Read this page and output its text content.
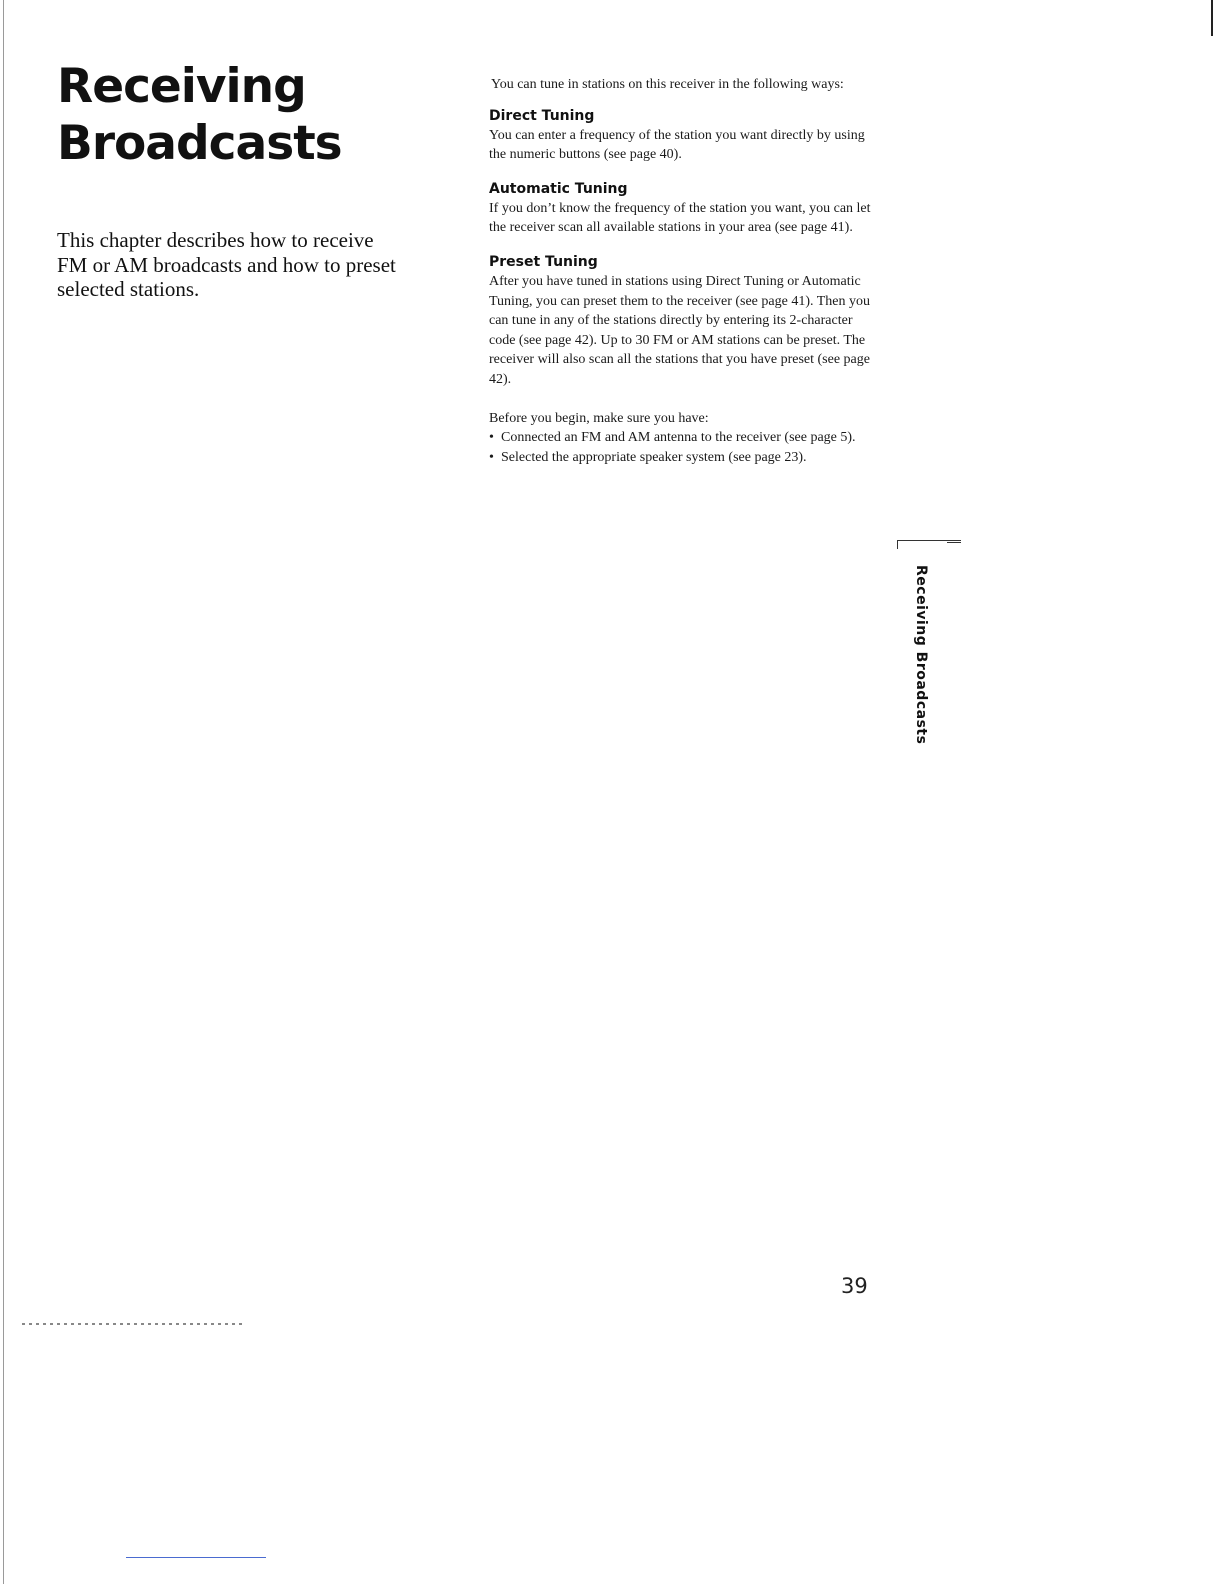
Receiving
Broadcasts

This chapter describes how to receive FM or AM broadcasts and how to preset selected stations.

You can tune in stations on this receiver in the following ways:

Direct Tuning

You can enter a frequency of the station you want directly by using the numeric buttons (see page 40).

Automatic Tuning

If you don’t know the frequency of the station you want, you can let the receiver scan all available stations in your area (see page 41).

Preset Tuning

After you have tuned in stations using Direct Tuning or Automatic Tuning, you can preset them to the receiver (see page 41). Then you can tune in any of the stations directly by entering its 2-character code (see page 42). Up to 30 FM or AM stations can be preset. The receiver will also scan all the stations that you have preset (see page 42).

Before you begin, make sure you have:

• Connected an FM and AM antenna to the receiver (see page 5).
• Selected the appropriate speaker system (see page 23).
Receiving Broadcasts
39
